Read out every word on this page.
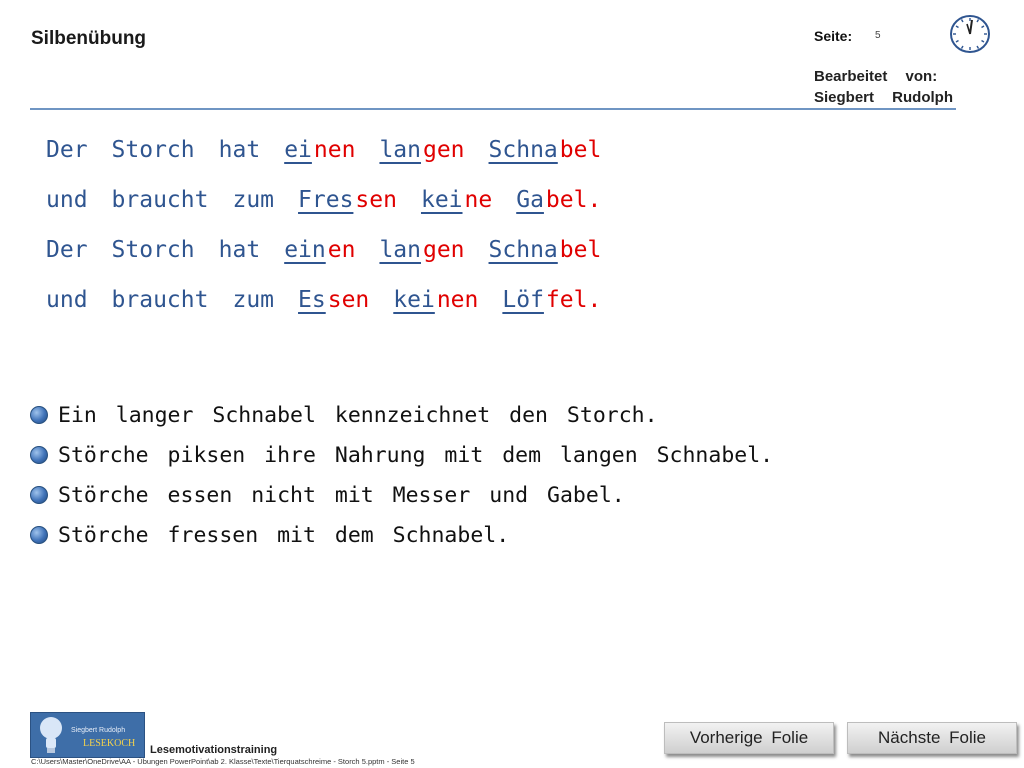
Silbenübung	Seite: 5
Bearbeitet von:
Siegbert Rudolph
Der Storch hat einen langen Schnabel
und braucht zum Fressen keine Gabel.
Der Storch hat einen langen Schnabel
und braucht zum Essen keinen Löffel.
Ein langer Schnabel kennzeichnet den Storch.
Störche piksen ihre Nahrung mit dem langen Schnabel.
Störche essen nicht mit Messer und Gabel.
Störche fressen mit dem Schnabel.
Siegbert Rudolph
LESEKOCH
Lesemotivationstraining
C:\Users\Master\OneDrive\AA - Übungen PowerPoint\ab 2. Klasse\Texte\Tierquatschreime - Storch 5.pptm - Seite 5
Vorherige Folie	Nächste Folie
